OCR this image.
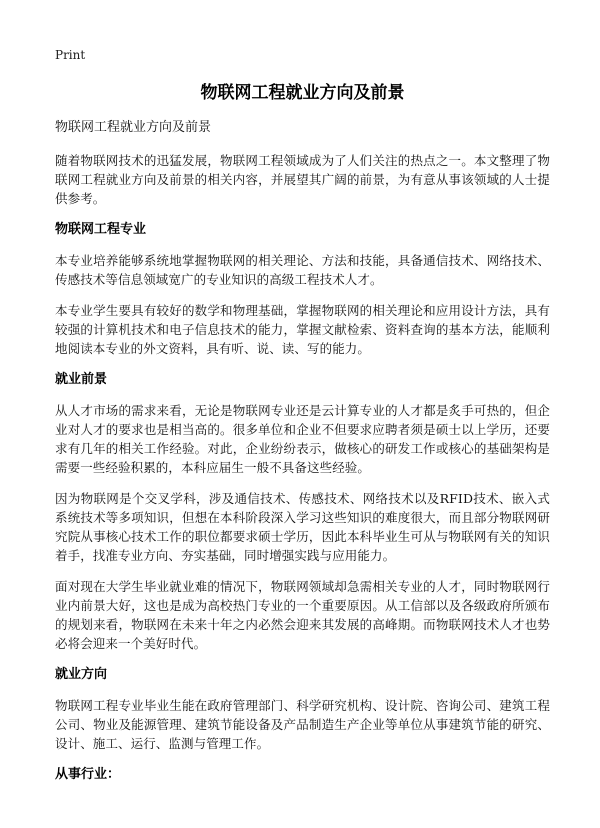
Print
物联网工程就业方向及前景
物联网工程就业方向及前景

随着物联网技术的迅猛发展，物联网工程领域成为了人们关注的热点之一。本文整理了物联网工程就业方向及前景的相关内容，并展望其广阔的前景，为有意从事该领域的人士提供参考。

物联网工程专业

本专业培养能够系统地掌握物联网的相关理论、方法和技能，具备通信技术、网络技术、传感技术等信息领域宽广的专业知识的高级工程技术人才。

本专业学生要具有较好的数学和物理基础，掌握物联网的相关理论和应用设计方法，具有较强的计算机技术和电子信息技术的能力，掌握文献检索、资料查询的基本方法，能顺利地阅读本专业的外文资料，具有听、说、读、写的能力。

就业前景

从人才市场的需求来看，无论是物联网专业还是云计算专业的人才都是炙手可热的，但企业对人才的要求也是相当高的。很多单位和企业不但要求应聘者须是硕士以上学历，还要求有几年的相关工作经验。对此，企业纷纷表示，做核心的研发工作或核心的基础架构是需要一些经验积累的，本科应届生一般不具备这些经验。

因为物联网是个交叉学科，涉及通信技术、传感技术、网络技术以及RFID技术、嵌入式系统技术等多项知识，但想在本科阶段深入学习这些知识的难度很大，而且部分物联网研究院从事核心技术工作的职位都要求硕士学历，因此本科毕业生可从与物联网有关的知识着手，找准专业方向、夯实基础，同时增强实践与应用能力。

面对现在大学生毕业就业难的情况下，物联网领域却急需相关专业的人才，同时物联网行业内前景大好，这也是成为高校热门专业的一个重要原因。从工信部以及各级政府所颁布的规划来看，物联网在未来十年之内必然会迎来其发展的高峰期。而物联网技术人才也势必将会迎来一个美好时代。

就业方向

物联网工程专业毕业生能在政府管理部门、科学研究机构、设计院、咨询公司、建筑工程公司、物业及能源管理、建筑节能设备及产品制造生产企业等单位从事建筑节能的研究、设计、施工、运行、监测与管理工作。

从事行业：
